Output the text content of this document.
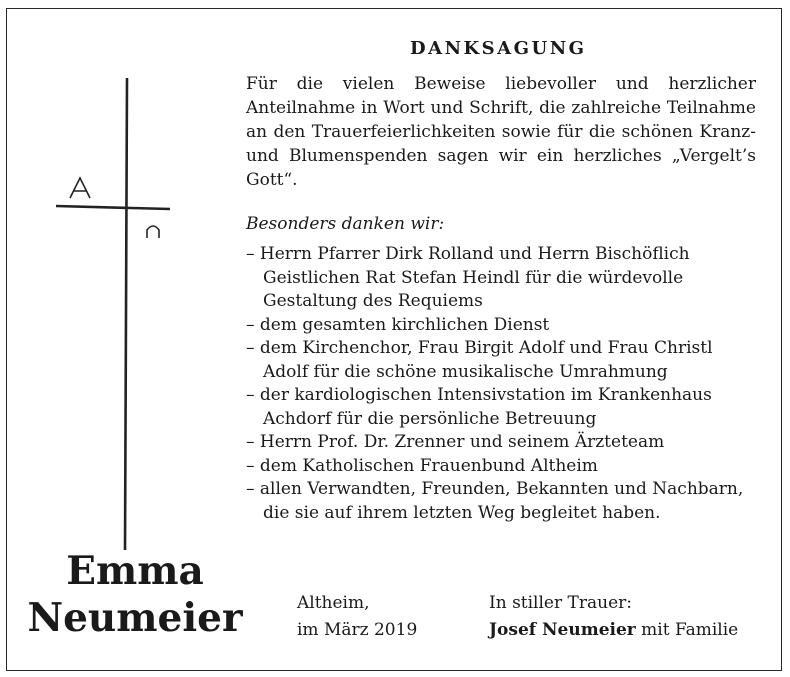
DANKSAGUNG

Für die vielen Beweise liebevoller und herzlicher Anteilnahme in Wort und Schrift, die zahlreiche Teilnahme an den Trauerfeierlichkeiten sowie für die schönen Kranz- und Blumenspenden sagen wir ein herzliches „Vergelt’s Gott“.

Besonders danken wir:
– Herrn Pfarrer Dirk Rolland und Herrn Bischöflich Geistlichen Rat Stefan Heindl für die würdevolle Gestaltung des Requiems
– dem gesamten kirchlichen Dienst
– dem Kirchenchor, Frau Birgit Adolf und Frau Christl Adolf für die schöne musikalische Umrahmung
– der kardiologischen Intensivstation im Krankenhaus Achdorf für die persönliche Betreuung
– Herrn Prof. Dr. Zrenner und seinem Ärzteteam
– dem Katholischen Frauenbund Altheim
– allen Verwandten, Freunden, Bekannten und Nachbarn, die sie auf ihrem letzten Weg begleitet haben.
Emma
Neumeier	Altheim,
im März 2019
In stiller Trauer:
Josef Neumeier mit Familie
